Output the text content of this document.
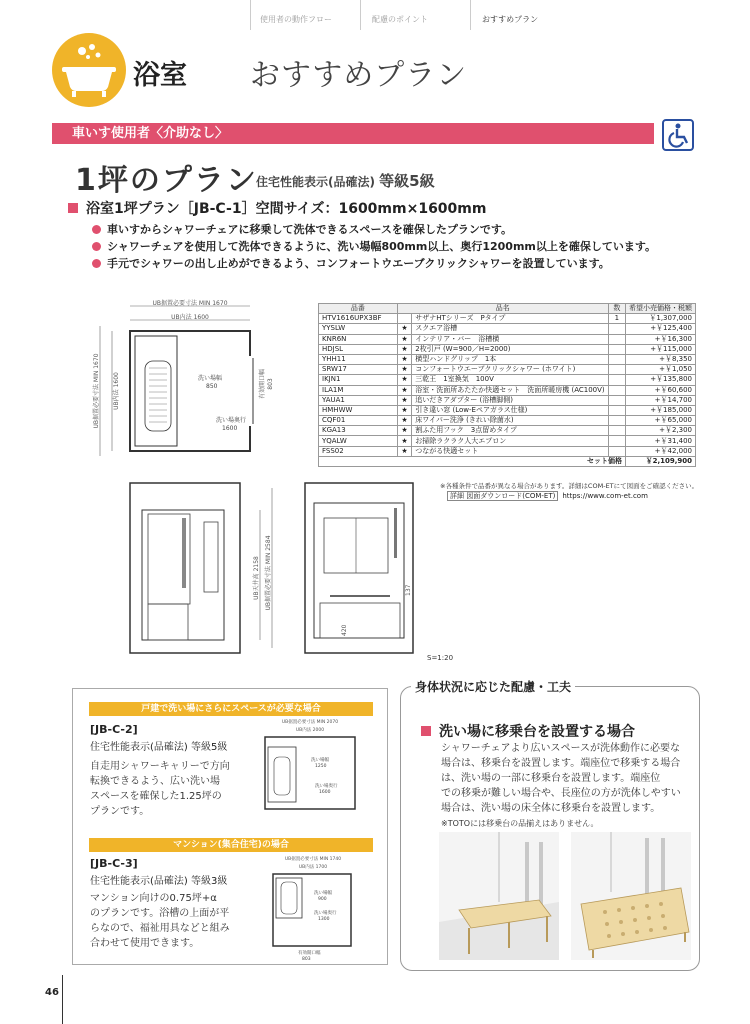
使用者の動作フロー	配慮のポイント	おすすめプラン
浴室 おすすめプラン
車いす使用者〈介助なし〉
1坪のプラン
住宅性能表示(品確法) 等級5級
浴室1坪プラン［JB-C-1］空間サイズ：1600mm×1600mm
車いすからシャワーチェアに移乗して洗体できるスペースを確保したプランです。
シャワーチェアを使用して洗体できるように、洗い場幅800mm以上、奥行1200mm以上を確保しています。
手元でシャワーの出し止めができるよう、コンフォートウエーブクリックシャワーを設置しています。
UB据置必要寸法 MIN 1670
UB内法 1600
洗い場幅
850
洗い場奥行
1600
有効開口幅 803
UB内法 1600
UB据置必要寸法 MIN 1670
品番	品名		数	希望小売価格・税額
HTV1616UPX3BF		サザナHTシリーズ　Pタイプ	1	￥1,307,000
YYSLW	★	スクエア浴槽		+￥125,400
KNR6N	★	インテリア・バー　浴槽横		+￥16,300
HDJSL	★	2枚引戸 (W=900／H=2000)		+￥115,000
YHH11	★	横型ハンドグリップ　1本		+￥8,350
SRW17	★	コンフォートウエーブクリックシャワー (ホワイト)		+￥1,050
IKJN1	★	三乾王　1室換気　100V		+￥135,800
ILA1M	★	浴室・洗面所あたたか快適セット　洗面所暖房機 (AC100V)		+￥60,600
YAUA1	★	追いだきアダプター (浴槽脚側)		+￥14,700
HMHWW	★	引き違い窓 (Low-Eペアガラス仕様)		+￥185,000
CQF01	★	床ワイパー洗浄 (きれい除菌水)		+￥65,000
KGA13	★	割ふた用フック　3点留めタイプ		+￥2,300
YQALW	★	お掃除ラクラク人大エプロン		+￥31,400
FSS02	★	つながる快適セット		+￥42,000
セット価格				￥2,109,900
※各種条件で品番が異なる場合があります。詳細はCOM-ETにて図面をご確認ください。
詳細 図面ダウンロード(COM-ET) https://www.com-et.com
UB天井高 2158 UB据置必要寸法 MIN 2584	137
420
S=1:20
戸建で洗い場にさらにスペースが必要な場合
[JB-C-2]
住宅性能表示(品確法) 等級5級
自走用シャワーキャリーで方向
転換できるよう、広い洗い場
スペースを確保した1.25坪の
プランです。
UB据置必要寸法 MIN 2070
UB内法 2000
洗い場幅
1250
洗い場奥行
1600
マンション(集合住宅)の場合
[JB-C-3]
住宅性能表示(品確法) 等級3級
マンション向けの0.75坪+α
のプランです。浴槽の上面が平
らなので、福祉用具などと組み
合わせて使用できます。
UB据置必要寸法 MIN 1740
UB内法 1700
洗い場幅
900
洗い場奥行
1300
有効開口幅
803
身体状況に応じた配慮・工夫
洗い場に移乗台を設置する場合
シャワーチェアより広いスペースが洗体動作に必要な
場合は、移乗台を設置します。端座位で移乗する場合
は、洗い場の一部に移乗台を設置します。端座位
での移乗が難しい場合や、長座位の方が洗体しやすい
場合は、洗い場の床全体に移乗台を設置します。
※TOTOには移乗台の品揃えはありません。
46
